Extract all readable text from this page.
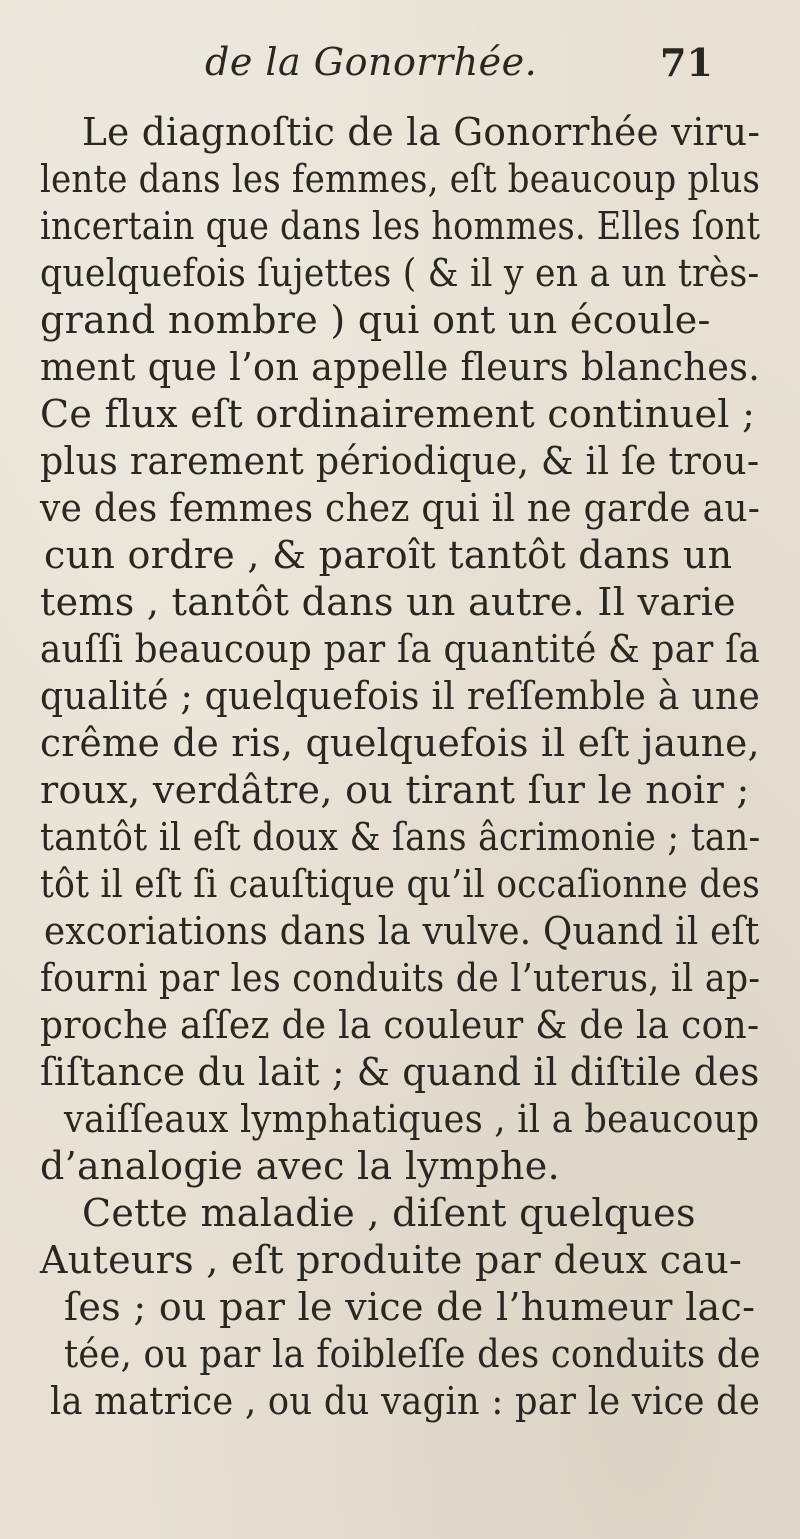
de la Gonorrhée.	71
Le diagnoſtic de la Gonorrhée viru-
lente dans les femmes, eſt beaucoup plus
incertain que dans les hommes. Elles ſont
quelquefois ſujettes ( & il y en a un très-
grand nombre ) qui ont un écoule-
ment que l’on appelle fleurs blanches.
Ce flux eſt ordinairement continuel ;
plus rarement périodique, & il ſe trou-
ve des femmes chez qui il ne garde au-
cun ordre , & paroît tantôt dans un
tems , tantôt dans un autre. Il varie
auſſi beaucoup par ſa quantité & par ſa
qualité ; quelquefois il reſſemble à une
crême de ris, quelquefois il eſt jaune,
roux, verdâtre, ou tirant ſur le noir ;
tantôt il eſt doux & ſans âcrimonie ; tan-
tôt il eſt ſi cauſtique qu’il occaſionne des
excoriations dans la vulve. Quand il eſt
fourni par les conduits de l’uterus, il ap-
proche aſſez de la couleur & de la con-
ſiſtance du lait ; & quand il diſtile des
vaiſſeaux lymphatiques , il a beaucoup
d’analogie avec la lymphe.
Cette maladie , diſent quelques
Auteurs , eſt produite par deux cau-
ſes ; ou par le vice de l’humeur lac-
tée, ou par la foibleſſe des conduits de
la matrice , ou du vagin : par le vice de
